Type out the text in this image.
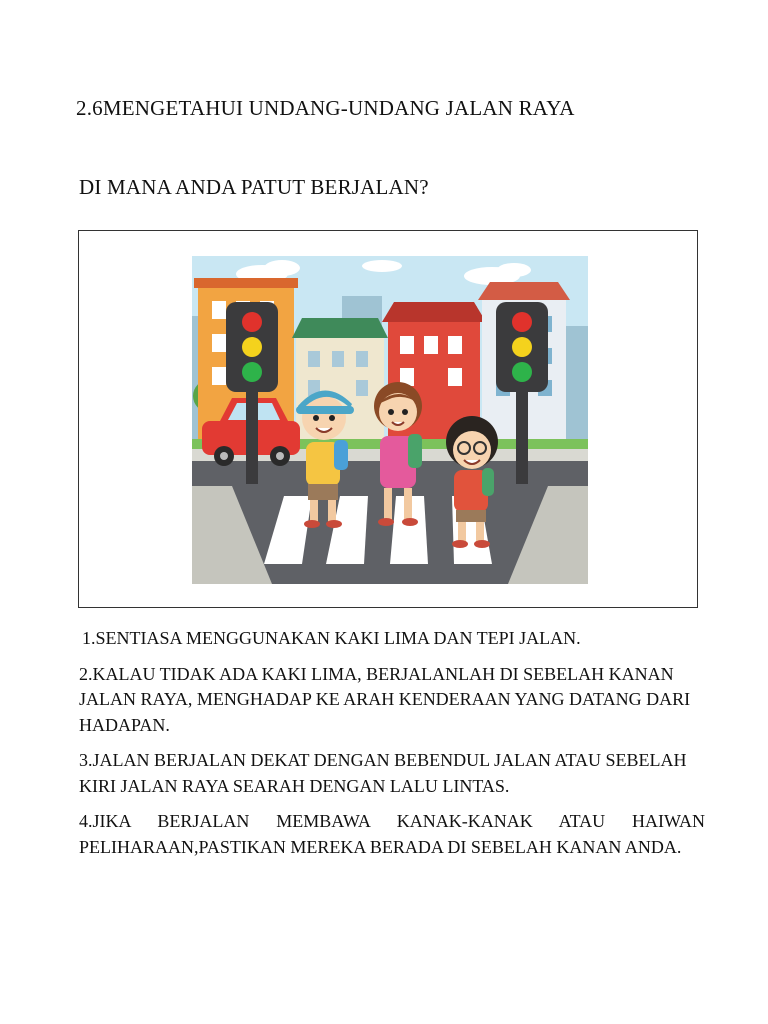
2.6MENGETAHUI UNDANG-UNDANG JALAN RAYA
DI MANA ANDA PATUT BERJALAN?

1.SENTIASA MENGGUNAKAN KAKI LIMA DAN TEPI JALAN.

2.KALAU TIDAK ADA KAKI LIMA, BERJALANLAH DI SEBELAH KANAN JALAN RAYA, MENGHADAP KE ARAH KENDERAAN YANG DATANG DARI HADAPAN.

3.JALAN BERJALAN DEKAT DENGAN BEBENDUL JALAN ATAU SEBELAH KIRI JALAN RAYA SEARAH DENGAN LALU LINTAS.

4.JIKA BERJALAN MEMBAWA KANAK-KANAK ATAU HAIWAN PELIHARAAN,PASTIKAN MEREKA BERADA DI SEBELAH KANAN ANDA.
